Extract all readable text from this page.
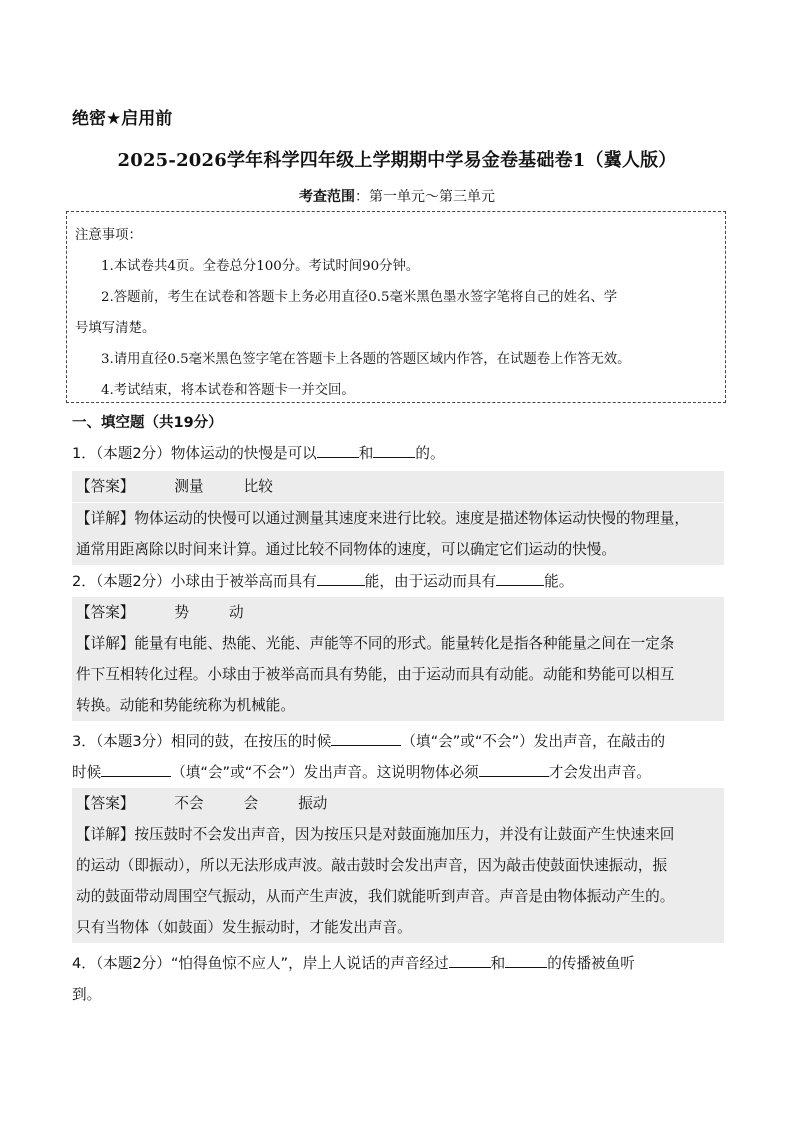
绝密★启用前
2025-2026学年科学四年级上学期期中学易金卷基础卷1（冀人版）
考查范围：第一单元～第三单元
注意事项：
1.本试卷共4页。全卷总分100分。考试时间90分钟。
2.答题前，考生在试卷和答题卡上务必用直径0.5毫米黑色墨水签字笔将自己的姓名、学
号填写清楚。
3.请用直径0.5毫米黑色签字笔在答题卡上各题的答题区域内作答，在试题卷上作答无效。
4.考试结束，将本试卷和答题卡一并交回。
一、填空题（共19分）
1．（本题2分）物体运动的快慢是可以	和	的。
【答案】	测量	比较
【详解】物体运动的快慢可以通过测量其速度来进行比较。速度是描述物体运动快慢的物理量，
通常用距离除以时间来计算。通过比较不同物体的速度，可以确定它们运动的快慢。
2．（本题2分）小球由于被举高而具有	能，由于运动而具有	能。
【答案】	势	动
【详解】能量有电能、热能、光能、声能等不同的形式。能量转化是指各种能量之间在一定条
件下互相转化过程。小球由于被举高而具有势能，由于运动而具有动能。动能和势能可以相互
转换。动能和势能统称为机械能。
3．（本题3分）相同的鼓，在按压的时候	（填“会”或“不会”）发出声音，在敲击的
时候	（填“会”或“不会”）发出声音。这说明物体必须	才会发出声音。
【答案】	不会	会	振动
【详解】按压鼓时不会发出声音，因为按压只是对鼓面施加压力，并没有让鼓面产生快速来回
的运动（即振动），所以无法形成声波。敲击鼓时会发出声音，因为敲击使鼓面快速振动，振
动的鼓面带动周围空气振动，从而产生声波，我们就能听到声音。声音是由物体振动产生的。
只有当物体（如鼓面）发生振动时，才能发出声音。
4．（本题2分）“怕得鱼惊不应人”，岸上人说话的声音经过	和	的传播被鱼听
到。
